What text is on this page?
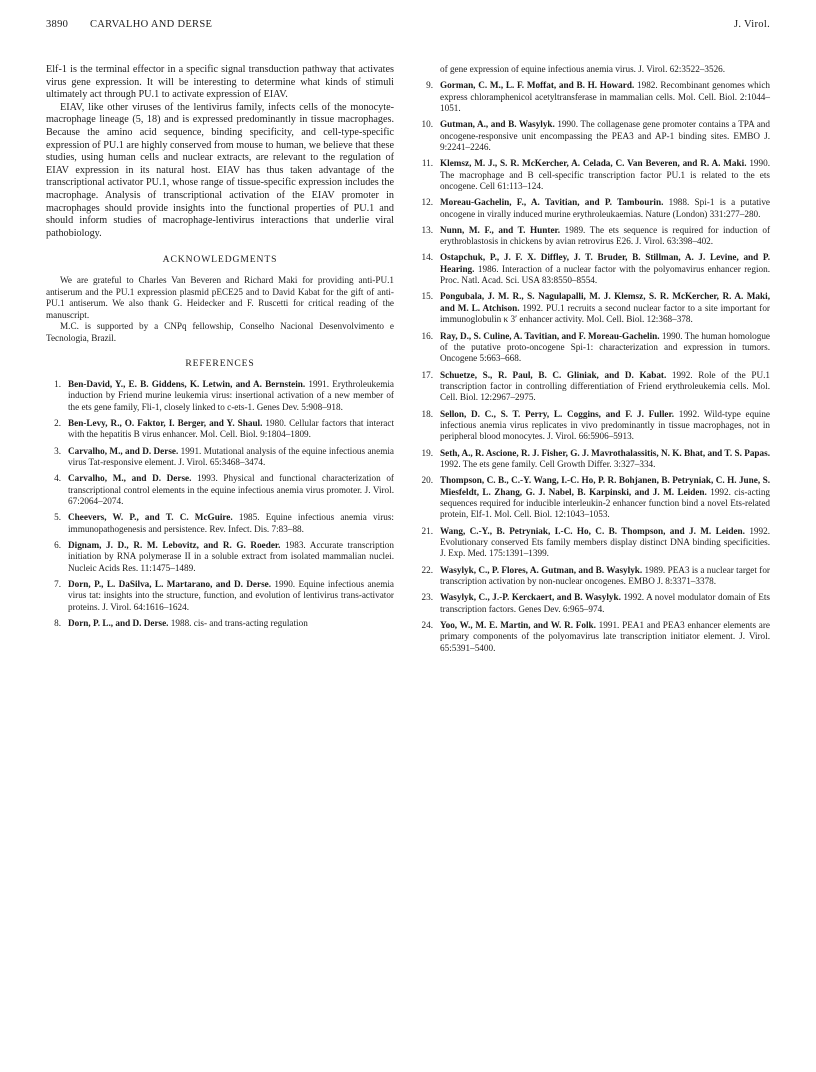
3890 CARVALHO AND DERSE	J. Virol.

Elf-1 is the terminal effector in a specific signal transduction pathway that activates virus gene expression. It will be interesting to determine what kinds of stimuli ultimately act through PU.1 to activate expression of EIAV.

EIAV, like other viruses of the lentivirus family, infects cells of the monocyte-macrophage lineage (5, 18) and is expressed predominantly in tissue macrophages. Because the amino acid sequence, binding specificity, and cell-type-specific expression of PU.1 are highly conserved from mouse to human, we believe that these studies, using human cells and nuclear extracts, are relevant to the regulation of EIAV expression in its natural host. EIAV has thus taken advantage of the transcriptional activator PU.1, whose range of tissue-specific expression includes the macrophage. Analysis of transcriptional activation of the EIAV promoter in macrophages should provide insights into the functional properties of PU.1 and should inform studies of macrophage-lentivirus interactions that underlie viral pathobiology.

ACKNOWLEDGMENTS

We are grateful to Charles Van Beveren and Richard Maki for providing anti-PU.1 antiserum and the PU.1 expression plasmid pECE25 and to David Kabat for the gift of anti-PU.1 antiserum. We also thank G. Heidecker and F. Ruscetti for critical reading of the manuscript.

M.C. is supported by a CNPq fellowship, Conselho Nacional Desenvolvimento e Tecnologia, Brazil.

REFERENCES
1. Ben-David, Y., E. B. Giddens, K. Letwin, and A. Bernstein. 1991. Erythroleukemia induction by Friend murine leukemia virus: insertional activation of a new member of the ets gene family, Fli-1, closely linked to c-ets-1. Genes Dev. 5:908–918.
2. Ben-Levy, R., O. Faktor, I. Berger, and Y. Shaul. 1980. Cellular factors that interact with the hepatitis B virus enhancer. Mol. Cell. Biol. 9:1804–1809.
3. Carvalho, M., and D. Derse. 1991. Mutational analysis of the equine infectious anemia virus Tat-responsive element. J. Virol. 65:3468–3474.
4. Carvalho, M., and D. Derse. 1993. Physical and functional characterization of transcriptional control elements in the equine infectious anemia virus promoter. J. Virol. 67:2064–2074.
5. Cheevers, W. P., and T. C. McGuire. 1985. Equine infectious anemia virus: immunopathogenesis and persistence. Rev. Infect. Dis. 7:83–88.
6. Dignam, J. D., R. M. Lebovitz, and R. G. Roeder. 1983. Accurate transcription initiation by RNA polymerase II in a soluble extract from isolated mammalian nuclei. Nucleic Acids Res. 11:1475–1489.
7. Dorn, P., L. DaSilva, L. Martarano, and D. Derse. 1990. Equine infectious anemia virus tat: insights into the structure, function, and evolution of lentivirus trans-activator proteins. J. Virol. 64:1616–1624.
8. Dorn, P. L., and D. Derse. 1988. cis- and trans-acting regulation
of gene expression of equine infectious anemia virus. J. Virol. 62:3522–3526.
9. Gorman, C. M., L. F. Moffat, and B. H. Howard. 1982. Recombinant genomes which express chloramphenicol acetyltransferase in mammalian cells. Mol. Cell. Biol. 2:1044–1051.
10. Gutman, A., and B. Wasylyk. 1990. The collagenase gene promoter contains a TPA and oncogene-responsive unit encompassing the PEA3 and AP-1 binding sites. EMBO J. 9:2241–2246.
11. Klemsz, M. J., S. R. McKercher, A. Celada, C. Van Beveren, and R. A. Maki. 1990. The macrophage and B cell-specific transcription factor PU.1 is related to the ets oncogene. Cell 61:113–124.
12. Moreau-Gachelin, F., A. Tavitian, and P. Tambourin. 1988. Spi-1 is a putative oncogene in virally induced murine erythroleukaemias. Nature (London) 331:277–280.
13. Nunn, M. F., and T. Hunter. 1989. The ets sequence is required for induction of erythroblastosis in chickens by avian retrovirus E26. J. Virol. 63:398–402.
14. Ostapchuk, P., J. F. X. Diffley, J. T. Bruder, B. Stillman, A. J. Levine, and P. Hearing. 1986. Interaction of a nuclear factor with the polyomavirus enhancer region. Proc. Natl. Acad. Sci. USA 83:8550–8554.
15. Pongubala, J. M. R., S. Nagulapalli, M. J. Klemsz, S. R. McKercher, R. A. Maki, and M. L. Atchison. 1992. PU.1 recruits a second nuclear factor to a site important for immunoglobulin κ 3′ enhancer activity. Mol. Cell. Biol. 12:368–378.
16. Ray, D., S. Culine, A. Tavitian, and F. Moreau-Gachelin. 1990. The human homologue of the putative proto-oncogene Spi-1: characterization and expression in tumors. Oncogene 5:663–668.
17. Schuetze, S., R. Paul, B. C. Gliniak, and D. Kabat. 1992. Role of the PU.1 transcription factor in controlling differentiation of Friend erythroleukemia cells. Mol. Cell. Biol. 12:2967–2975.
18. Sellon, D. C., S. T. Perry, L. Coggins, and F. J. Fuller. 1992. Wild-type equine infectious anemia virus replicates in vivo predominantly in tissue macrophages, not in peripheral blood monocytes. J. Virol. 66:5906–5913.
19. Seth, A., R. Ascione, R. J. Fisher, G. J. Mavrothalassitis, N. K. Bhat, and T. S. Papas. 1992. The ets gene family. Cell Growth Differ. 3:327–334.
20. Thompson, C. B., C.-Y. Wang, I.-C. Ho, P. R. Bohjanen, B. Petryniak, C. H. June, S. Miesfeldt, L. Zhang, G. J. Nabel, B. Karpinski, and J. M. Leiden. 1992. cis-acting sequences required for inducible interleukin-2 enhancer function bind a novel Ets-related protein, Elf-1. Mol. Cell. Biol. 12:1043–1053.
21. Wang, C.-Y., B. Petryniak, I.-C. Ho, C. B. Thompson, and J. M. Leiden. 1992. Evolutionary conserved Ets family members display distinct DNA binding specificities. J. Exp. Med. 175:1391–1399.
22. Wasylyk, C., P. Flores, A. Gutman, and B. Wasylyk. 1989. PEA3 is a nuclear target for transcription activation by non-nuclear oncogenes. EMBO J. 8:3371–3378.
23. Wasylyk, C., J.-P. Kerckaert, and B. Wasylyk. 1992. A novel modulator domain of Ets transcription factors. Genes Dev. 6:965–974.
24. Yoo, W., M. E. Martin, and W. R. Folk. 1991. PEA1 and PEA3 enhancer elements are primary components of the polyomavirus late transcription initiator element. J. Virol. 65:5391–5400.
